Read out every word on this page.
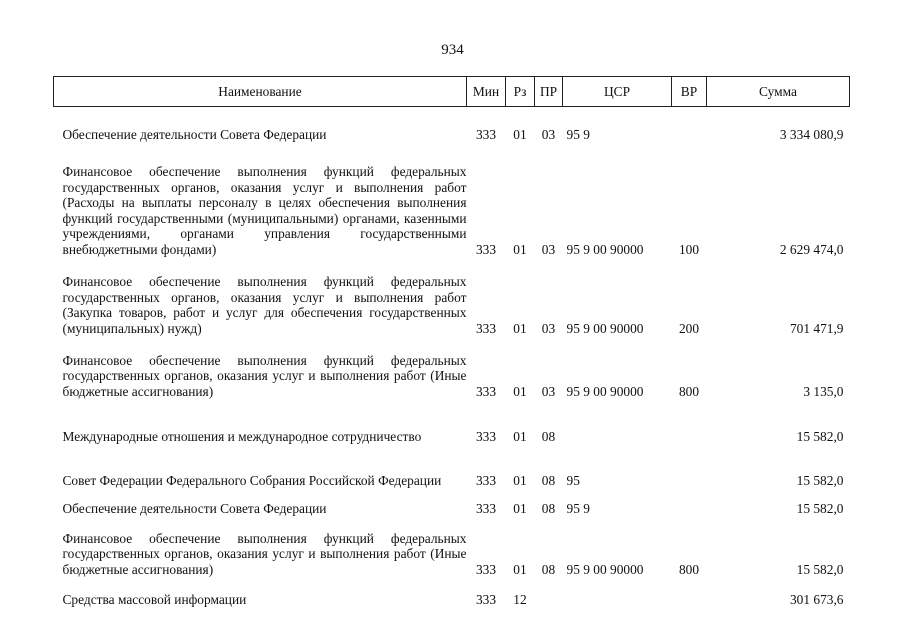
934
Наименование	Мин	Рз	ПР	ЦСР	ВР	Сумма
Обеспечение деятельности Совета Федерации	333	01	03	95 9		3 334 080,9
Финансовое обеспечение выполнения функций федеральных государственных органов, оказания услуг и выполнения работ (Расходы на выплаты персоналу в целях обеспечения выполнения функций государственными (муниципальными) органами, казенными учреждениями, органами управления государственными внебюджетными фондами)	333	01	03	95 9 00 90000	100	2 629 474,0
Финансовое обеспечение выполнения функций федеральных государственных органов, оказания услуг и выполнения работ (Закупка товаров, работ и услуг для обеспечения государственных (муниципальных) нужд)	333	01	03	95 9 00 90000	200	701 471,9
Финансовое обеспечение выполнения функций федеральных государственных органов, оказания услуг и выполнения работ (Иные бюджетные ассигнования)	333	01	03	95 9 00 90000	800	3 135,0
Международные отношения и международное сотрудничество	333	01	08			15 582,0
Совет Федерации Федерального Собрания Российской Федерации	333	01	08	95		15 582,0
Обеспечение деятельности Совета Федерации	333	01	08	95 9		15 582,0
Финансовое обеспечение выполнения функций федеральных государственных органов, оказания услуг и выполнения работ (Иные бюджетные ассигнования)	333	01	08	95 9 00 90000	800	15 582,0
Средства массовой информации	333	12				301 673,6
